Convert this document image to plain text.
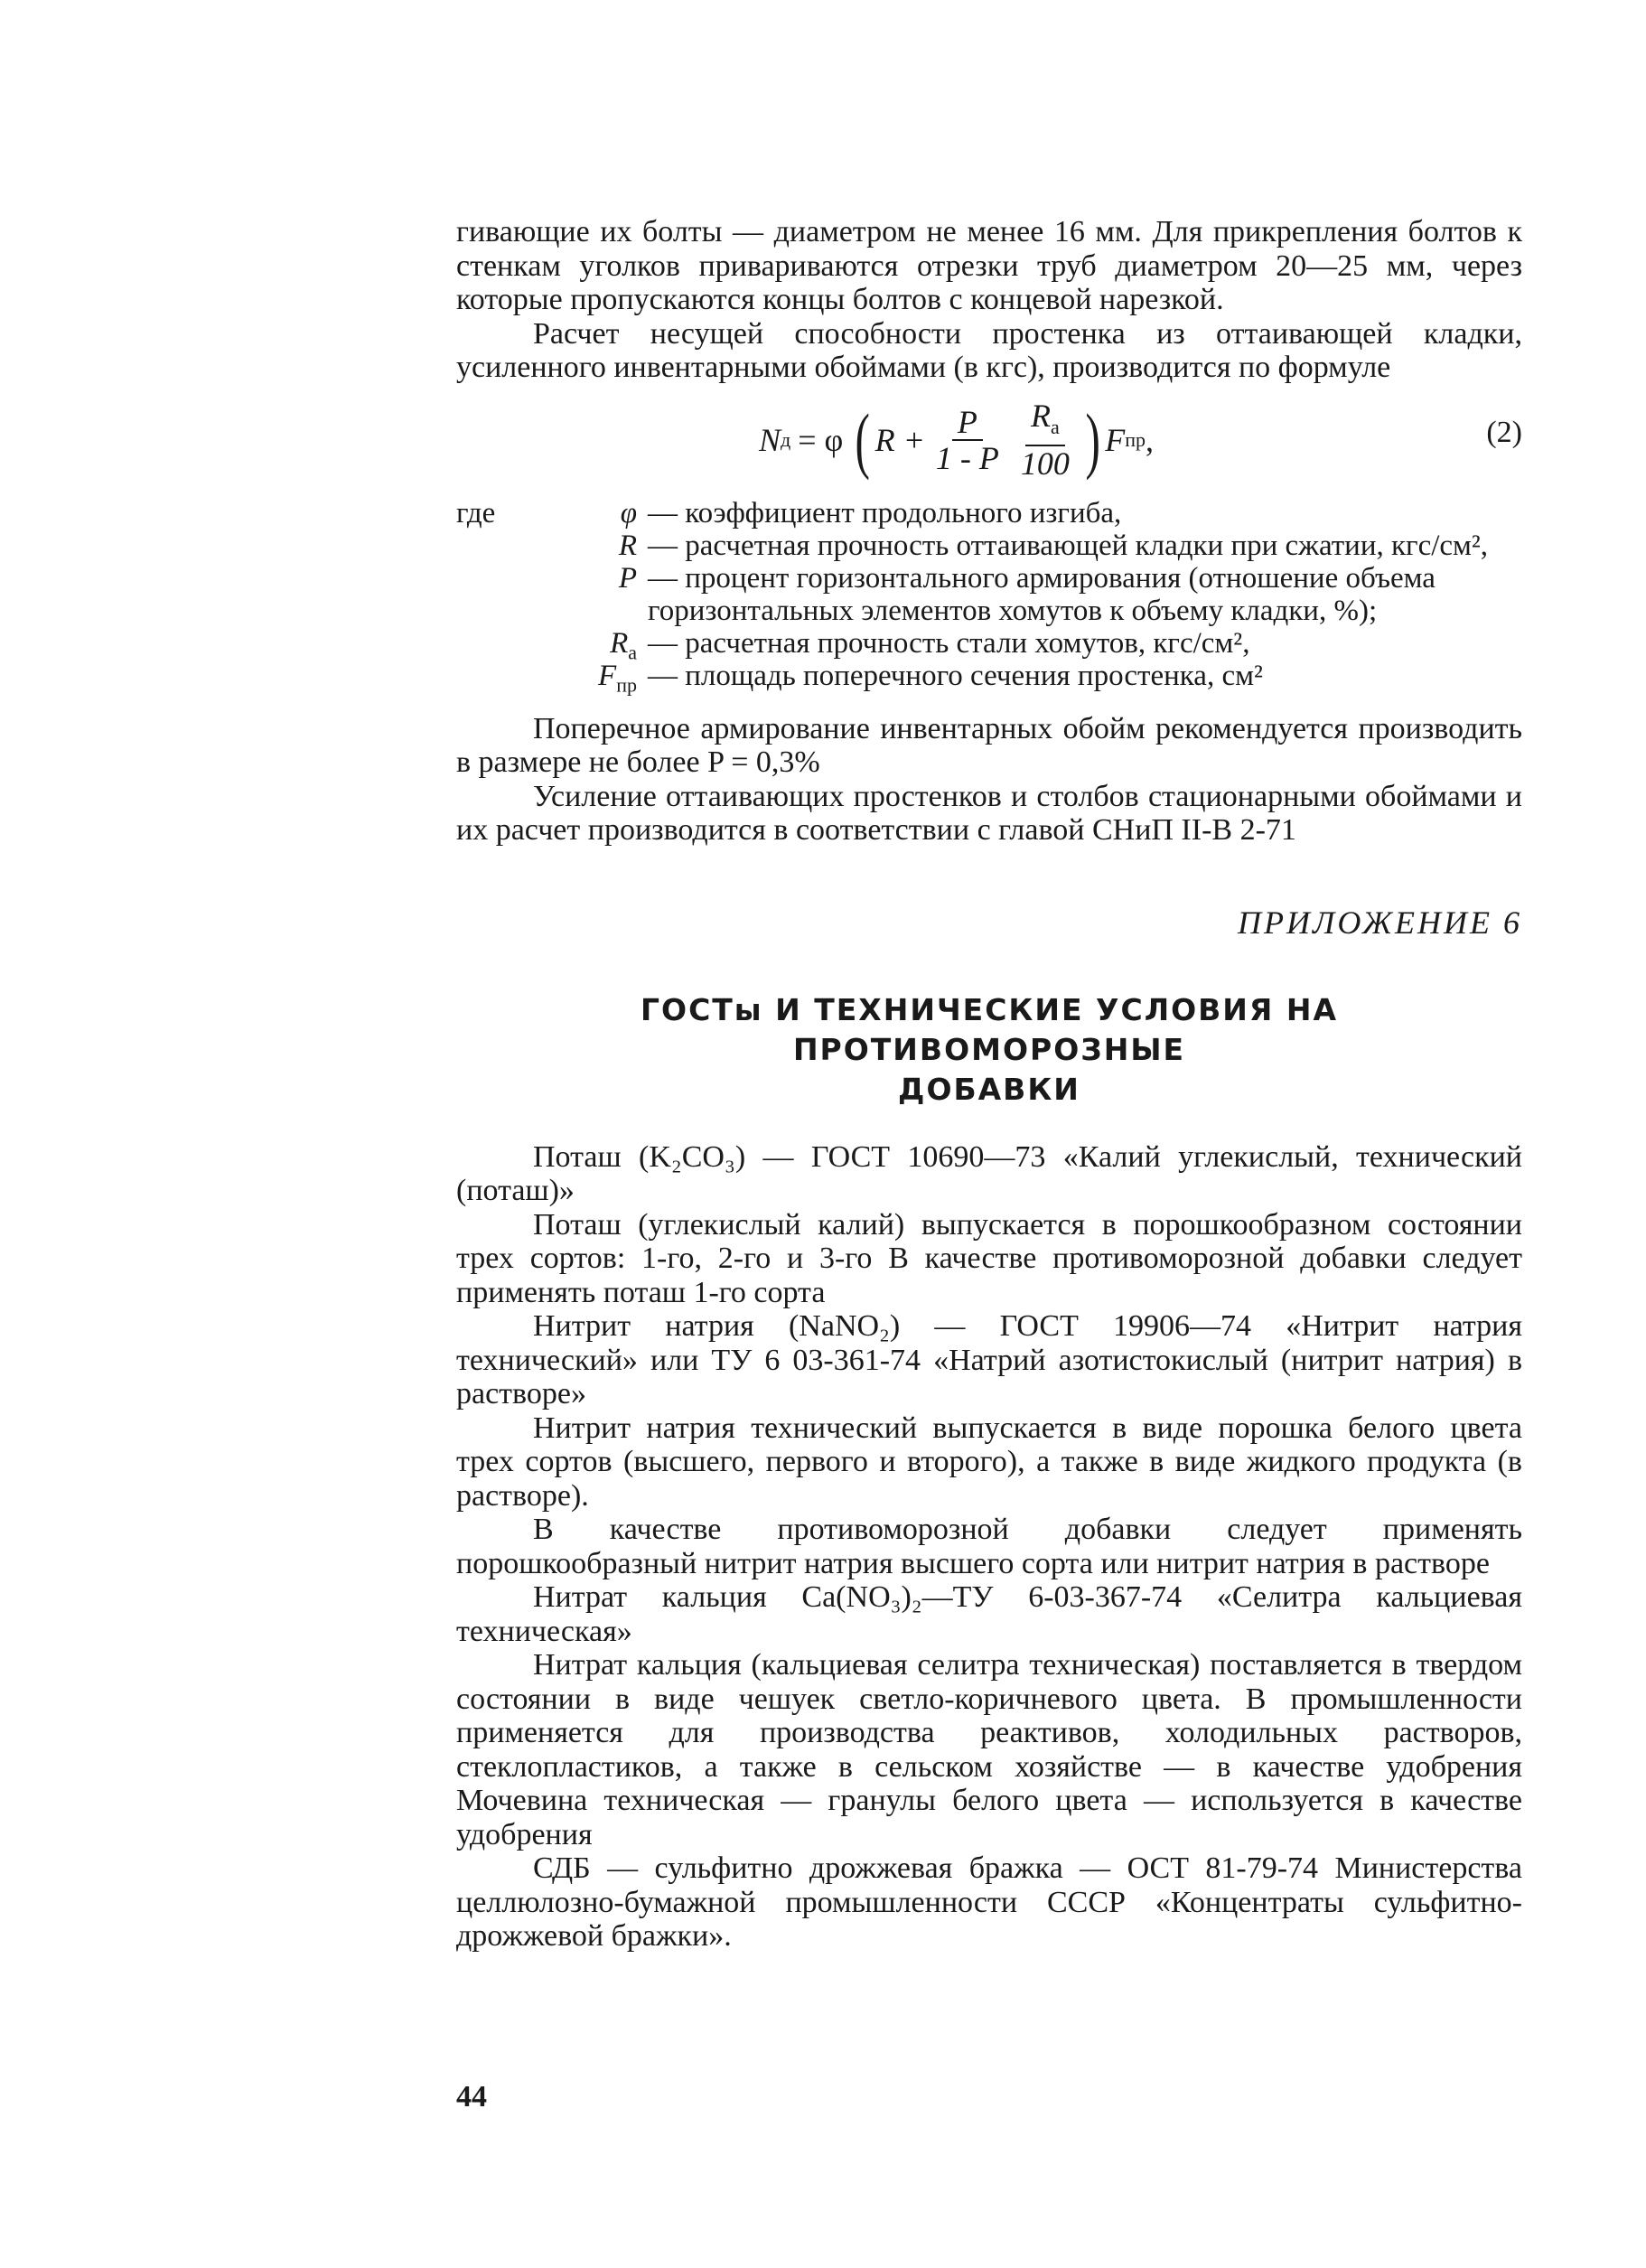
гивающие их болты — диаметром не менее 16 мм. Для прикрепления болтов к стенкам уголков привариваются отрезки труб диаметром 20—25 мм, через которые пропускаются концы болтов с концевой нарезкой.

Расчет несущей способности простенка из оттаивающей кладки, усиленного инвентарными обоймами (в кгс), производится по формуле

N д = φ ( $R + \frac{P}{1 - P} \frac{R_a}{100}$ ) F пр ,	(2)
где	φ — коэффициент продольного изгиба,
R — расчетная прочность оттаивающей кладки при сжатии, кгс/см²,
P — процент горизонтального армирования (отношение объема горизонтальных элементов хомутов к объему кладки, %);
$R_а$ — расчетная прочность стали хомутов, кгс/см²,
$F_{пр}$ — площадь поперечного сечения простенка, см²

Поперечное армирование инвентарных обойм рекомендуется производить в размере не более P = 0,3%

Усиление оттаивающих простенков и столбов стационарными обоймами и их расчет производится в соответствии с главой СНиП II-В 2-71

ПРИЛОЖЕНИЕ 6
ГОСТы И ТЕХНИЧЕСКИЕ УСЛОВИЯ НА ПРОТИВОМОРОЗНЫЕ
ДОБАВКИ

Поташ (K₂CO₃) — ГОСТ 10690—73 «Калий углекислый, технический (поташ)»

Поташ (углекислый калий) выпускается в порошкообразном состоянии трех сортов: 1-го, 2-го и 3-го В качестве противоморозной добавки следует применять поташ 1-го сорта

Нитрит натрия (NaNO₂) — ГОСТ 19906—74 «Нитрит натрия технический» или ТУ 6 03-361-74 «Натрий азотистокислый (нитрит натрия) в растворе»

Нитрит натрия технический выпускается в виде порошка белого цвета трех сортов (высшего, первого и второго), а также в виде жидкого продукта (в растворе).

В качестве противоморозной добавки следует применять порошкообразный нитрит натрия высшего сорта или нитрит натрия в растворе

Нитрат кальция Ca(NO₃)₂—ТУ 6-03-367-74 «Селитра кальциевая техническая»

Нитрат кальция (кальциевая селитра техническая) поставляется в твердом состоянии в виде чешуек светло-коричневого цвета. В промышленности применяется для производства реактивов, холодильных растворов, стеклопластиков, а также в сельском хозяйстве — в качестве удобрения Мочевина техническая — гранулы белого цвета — используется в качестве удобрения

СДБ — сульфитно дрожжевая бражка — ОСТ 81-79-74 Министерства целлюлозно-бумажной промышленности СССР «Концентраты сульфитно-дрожжевой бражки».

44
